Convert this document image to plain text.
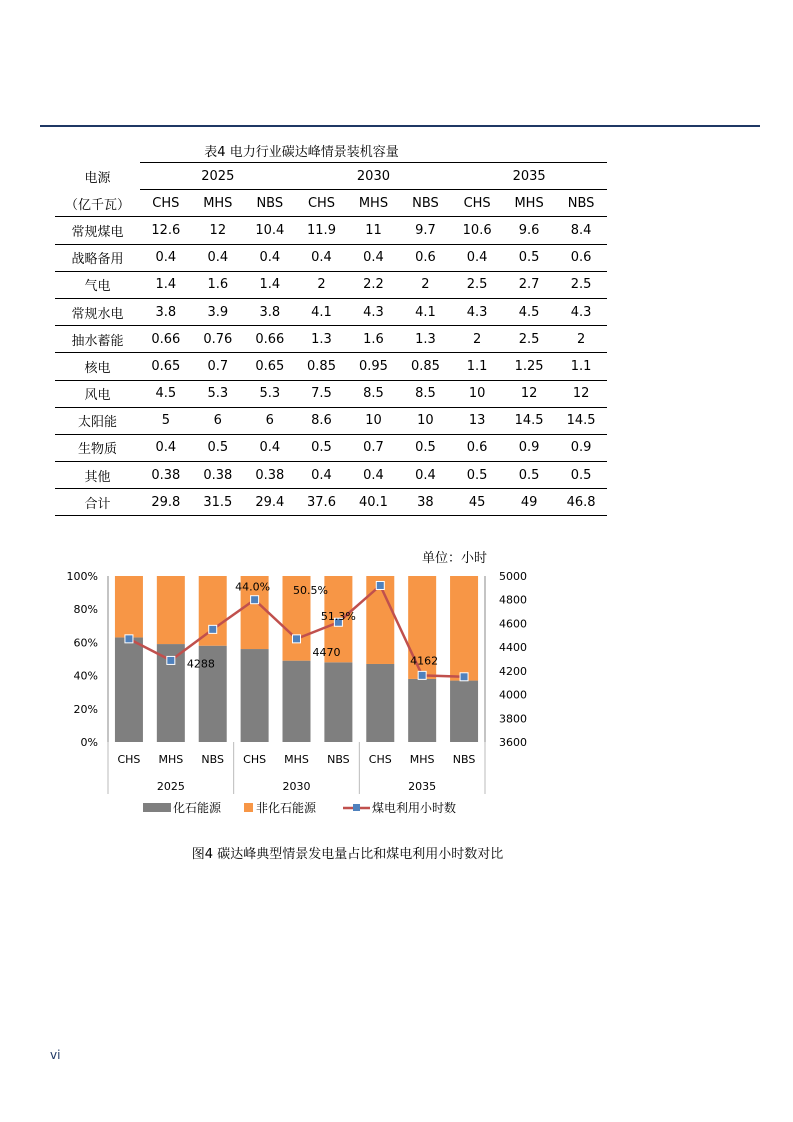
表4 电力行业碳达峰情景装机容量
电源	2025			2030			2035		
（亿千瓦）	CHS	MHS	NBS	CHS	MHS	NBS	CHS	MHS	NBS
常规煤电	12.6	12	10.4	11.9	11	9.7	10.6	9.6	8.4
战略备用	0.4	0.4	0.4	0.4	0.4	0.6	0.4	0.5	0.6
气电	1.4	1.6	1.4	2	2.2	2	2.5	2.7	2.5
常规水电	3.8	3.9	3.8	4.1	4.3	4.1	4.3	4.5	4.3
抽水蓄能	0.66	0.76	0.66	1.3	1.6	1.3	2	2.5	2
核电	0.65	0.7	0.65	0.85	0.95	0.85	1.1	1.25	1.1
风电	4.5	5.3	5.3	7.5	8.5	8.5	10	12	12
太阳能	5	6	6	8.6	10	10	13	14.5	14.5
生物质	0.4	0.5	0.4	0.5	0.7	0.5	0.6	0.9	0.9
其他	0.38	0.38	0.38	0.4	0.4	0.4	0.5	0.5	0.5
合计	29.8	31.5	29.4	37.6	40.1	38	45	49	46.8
单位：小时
0%
20%
40%
60%
80%
100%
3600
3800
4000
4200
4400
4600
4800
5000
4288
44.0% 50.5%
4470
51.3%
4162
CHS MHS NBS CHS MHS NBS CHS MHS NBS
2025	2030	2035
化石能源	非化石能源	煤电利用小时数
图4 碳达峰典型情景发电量占比和煤电利用小时数对比
vi
